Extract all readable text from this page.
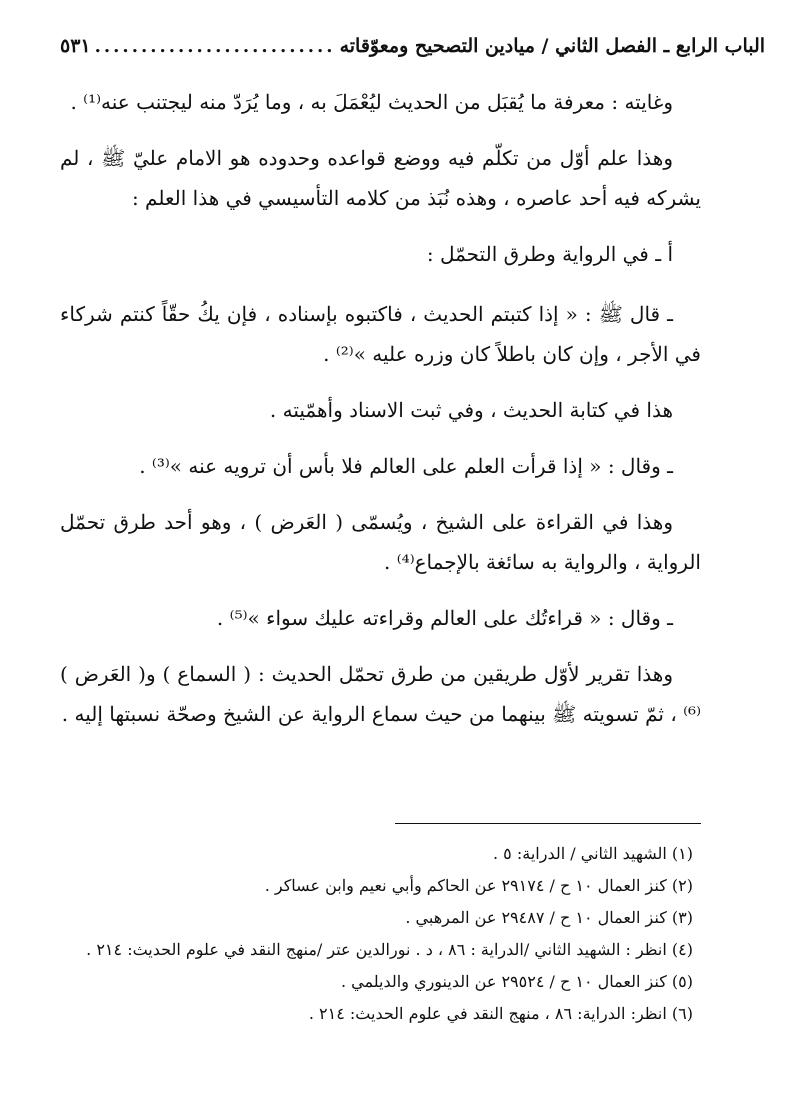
٥٣١ .......................... الباب الرابع ـ الفصل الثاني / ميادين التصحيح ومعوّقاته

وغايته : معرفة ما يُقبَل من الحديث ليُعْمَلَ به ، وما يُرَدّ منه ليجتنب عنه⁽¹⁾ .

وهذا علم أوّل من تكلّم فيه ووضع قواعده وحدوده هو الامام عليّ ﷺ ، لم يشركه فيه أحد عاصره ، وهذه نُبَذ من كلامه التأسيسي في هذا العلم :

أ ـ في الرواية وطرق التحمّل :

ـ قال ﷺ : « إذا كتبتم الحديث ، فاكتبوه بإسناده ، فإن يكُ حقّاً كنتم شركاء في الأجر ، وإن كان باطلاً كان وزره عليه »⁽²⁾ .

هذا في كتابة الحديث ، وفي ثبت الاسناد وأهمّيته .

ـ وقال : « إذا قرأت العلم على العالم فلا بأس أن ترويه عنه »⁽³⁾ .

وهذا في القراءة على الشيخ ، ويُسمّى ( العَرض ) ، وهو أحد طرق تحمّل الرواية ، والرواية به سائغة بالإجماع⁽⁴⁾ .

ـ وقال : « قراءتُك على العالم وقراءته عليك سواء »⁽⁵⁾ .

وهذا تقرير لأوّل طريقين من طرق تحمّل الحديث : ( السماع ) و( العَرض )⁽⁶⁾ ، ثمّ تسويته ﷺ بينهما من حيث سماع الرواية عن الشيخ وصحّة نسبتها إليه .

(١) الشهيد الثاني / الدراية: ٥ .
(٢) كنز العمال ١٠ ح / ٢٩١٧٤ عن الحاكم وأبي نعيم وابن عساكر .
(٣) كنز العمال ١٠ ح / ٢٩٤٨٧ عن المرهبي .
(٤) انظر : الشهيد الثاني /الدراية : ٨٦ ، د . نورالدين عتر /منهج النقد في علوم الحديث: ٢١٤ .
(٥) كنز العمال ١٠ ح / ٢٩٥٢٤ عن الدينوري والديلمي .
(٦) انظر: الدراية: ٨٦ ، منهج النقد في علوم الحديث: ٢١٤ .
